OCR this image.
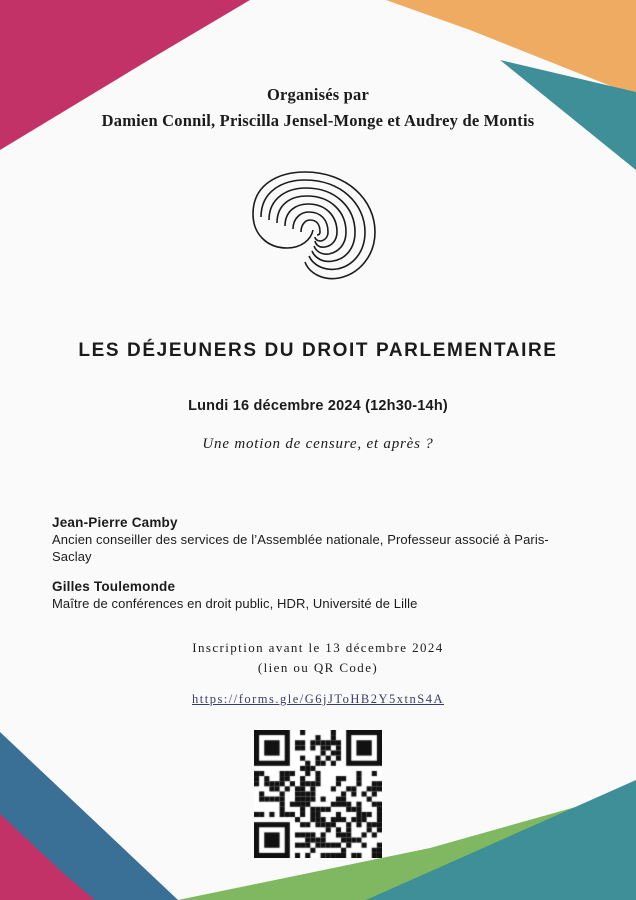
Organisés par
Damien Connil, Priscilla Jensel-Monge et Audrey de Montis
LES DÉJEUNERS DU DROIT PARLEMENTAIRE
Lundi 16 décembre 2024 (12h30-14h)
Une motion de censure, et après ?
Jean-Pierre Camby
Ancien conseiller des services de l’Assemblée nationale, Professeur associé à Paris-Saclay
Gilles Toulemonde
Maître de conférences en droit public, HDR, Université de Lille
Inscription avant le 13 décembre 2024
(lien ou QR Code)
https://forms.gle/G6jJToHB2Y5xtnS4A
